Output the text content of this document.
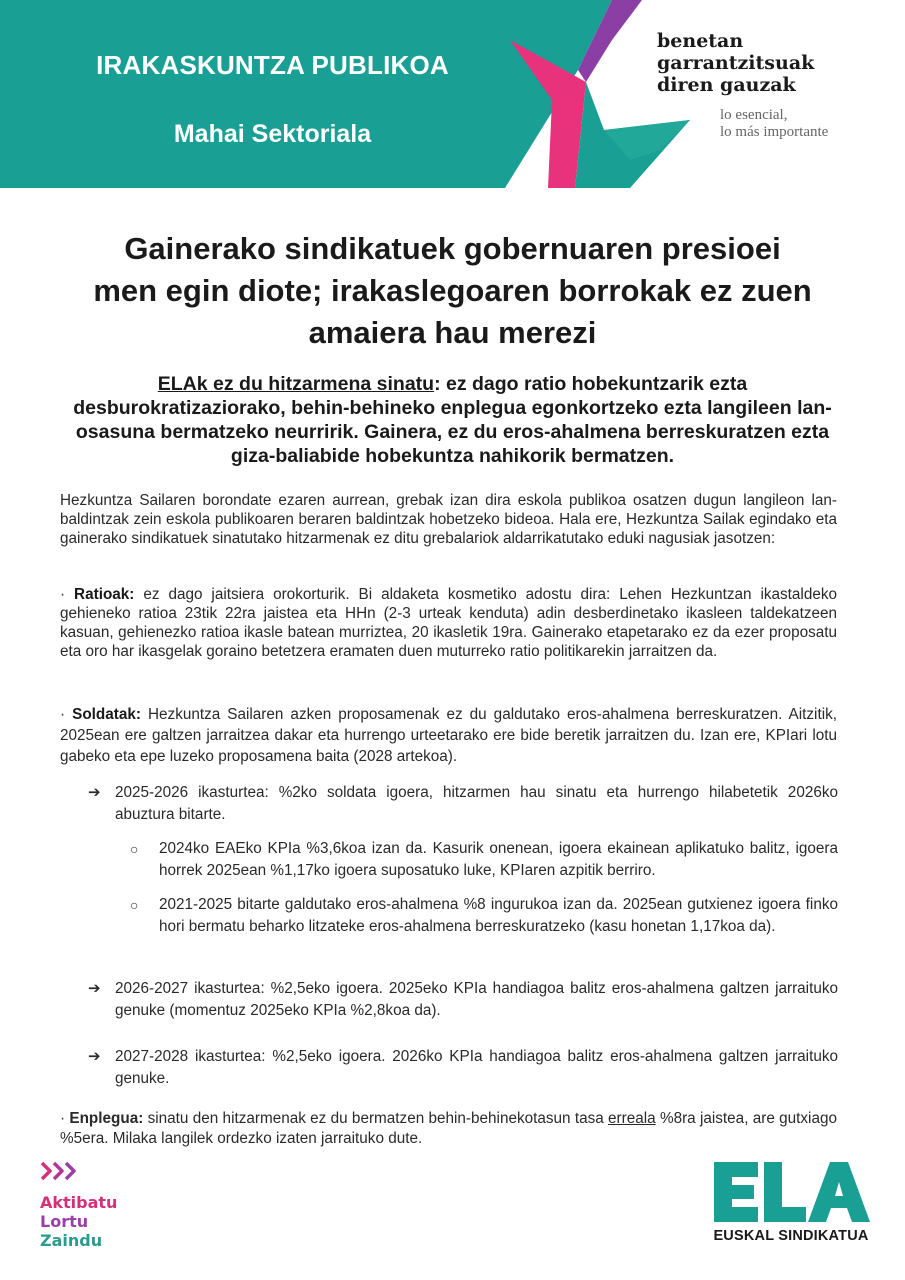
IRAKASKUNTZA PUBLIKOA
Mahai Sektoriala
benetan
garrantzitsuak
diren gauzak
lo esencial,
lo más importante
Gainerako sindikatuek gobernuaren presioei
men egin diote; irakaslegoaren borrokak ez zuen
amaiera hau merezi
ELAk ez du hitzarmena sinatu: ez dago ratio hobekuntzarik ezta desburokratizaziorako, behin-behineko enplegua egonkortzeko ezta langileen lan-osasuna bermatzeko neurririk. Gainera, ez du eros-ahalmena berreskuratzen ezta giza-baliabide hobekuntza nahikorik bermatzen.
Hezkuntza Sailaren borondate ezaren aurrean, grebak izan dira eskola publikoa osatzen dugun langileon lan-baldintzak zein eskola publikoaren beraren baldintzak hobetzeko bideoa. Hala ere, Hezkuntza Sailak egindako eta gainerako sindikatuek sinatutako hitzarmenak ez ditu grebalariok aldarrikatutako eduki nagusiak jasotzen:
· Ratioak: ez dago jaitsiera orokorturik. Bi aldaketa kosmetiko adostu dira: Lehen Hezkuntzan ikastaldeko gehieneko ratioa 23tik 22ra jaistea eta HHn (2-3 urteak kenduta) adin desberdinetako ikasleen taldekatzeen kasuan, gehienezko ratioa ikasle batean murriztea, 20 ikasletik 19ra. Gainerako etapetarako ez da ezer proposatu eta oro har ikasgelak goraino betetzera eramaten duen muturreko ratio politikarekin jarraitzen da.
· Soldatak: Hezkuntza Sailaren azken proposamenak ez du galdutako eros-ahalmena berreskuratzen. Aitzitik, 2025ean ere galtzen jarraitzea dakar eta hurrengo urteetarako ere bide beretik jarraitzen du. Izan ere, KPIari lotu gabeko eta epe luzeko proposamena baita (2028 artekoa).
➔ 2025-2026 ikasturtea: %2ko soldata igoera, hitzarmen hau sinatu eta hurrengo hilabetetik 2026ko abuztura bitarte.
○ 2024ko EAEko KPIa %3,6koa izan da. Kasurik onenean, igoera ekainean aplikatuko balitz, igoera horrek 2025ean %1,17ko igoera suposatuko luke, KPIaren azpitik berriro.
○ 2021-2025 bitarte galdutako eros-ahalmena %8 ingurukoa izan da. 2025ean gutxienez igoera finko hori bermatu beharko litzateke eros-ahalmena berreskuratzeko (kasu honetan 1,17koa da).
➔ 2026-2027 ikasturtea: %2,5eko igoera. 2025eko KPIa handiagoa balitz eros-ahalmena galtzen jarraituko genuke (momentuz 2025eko KPIa %2,8koa da).
➔ 2027-2028 ikasturtea: %2,5eko igoera. 2026ko KPIa handiagoa balitz eros-ahalmena galtzen jarraituko genuke.
· Enplegua: sinatu den hitzarmenak ez du bermatzen behin-behinekotasun tasa erreala %8ra jaistea, are gutxiago %5era. Milaka langilek ordezko izaten jarraituko dute.
Aktibatu
Lortu
Zaindu	EUSKAL SINDIKATUA
